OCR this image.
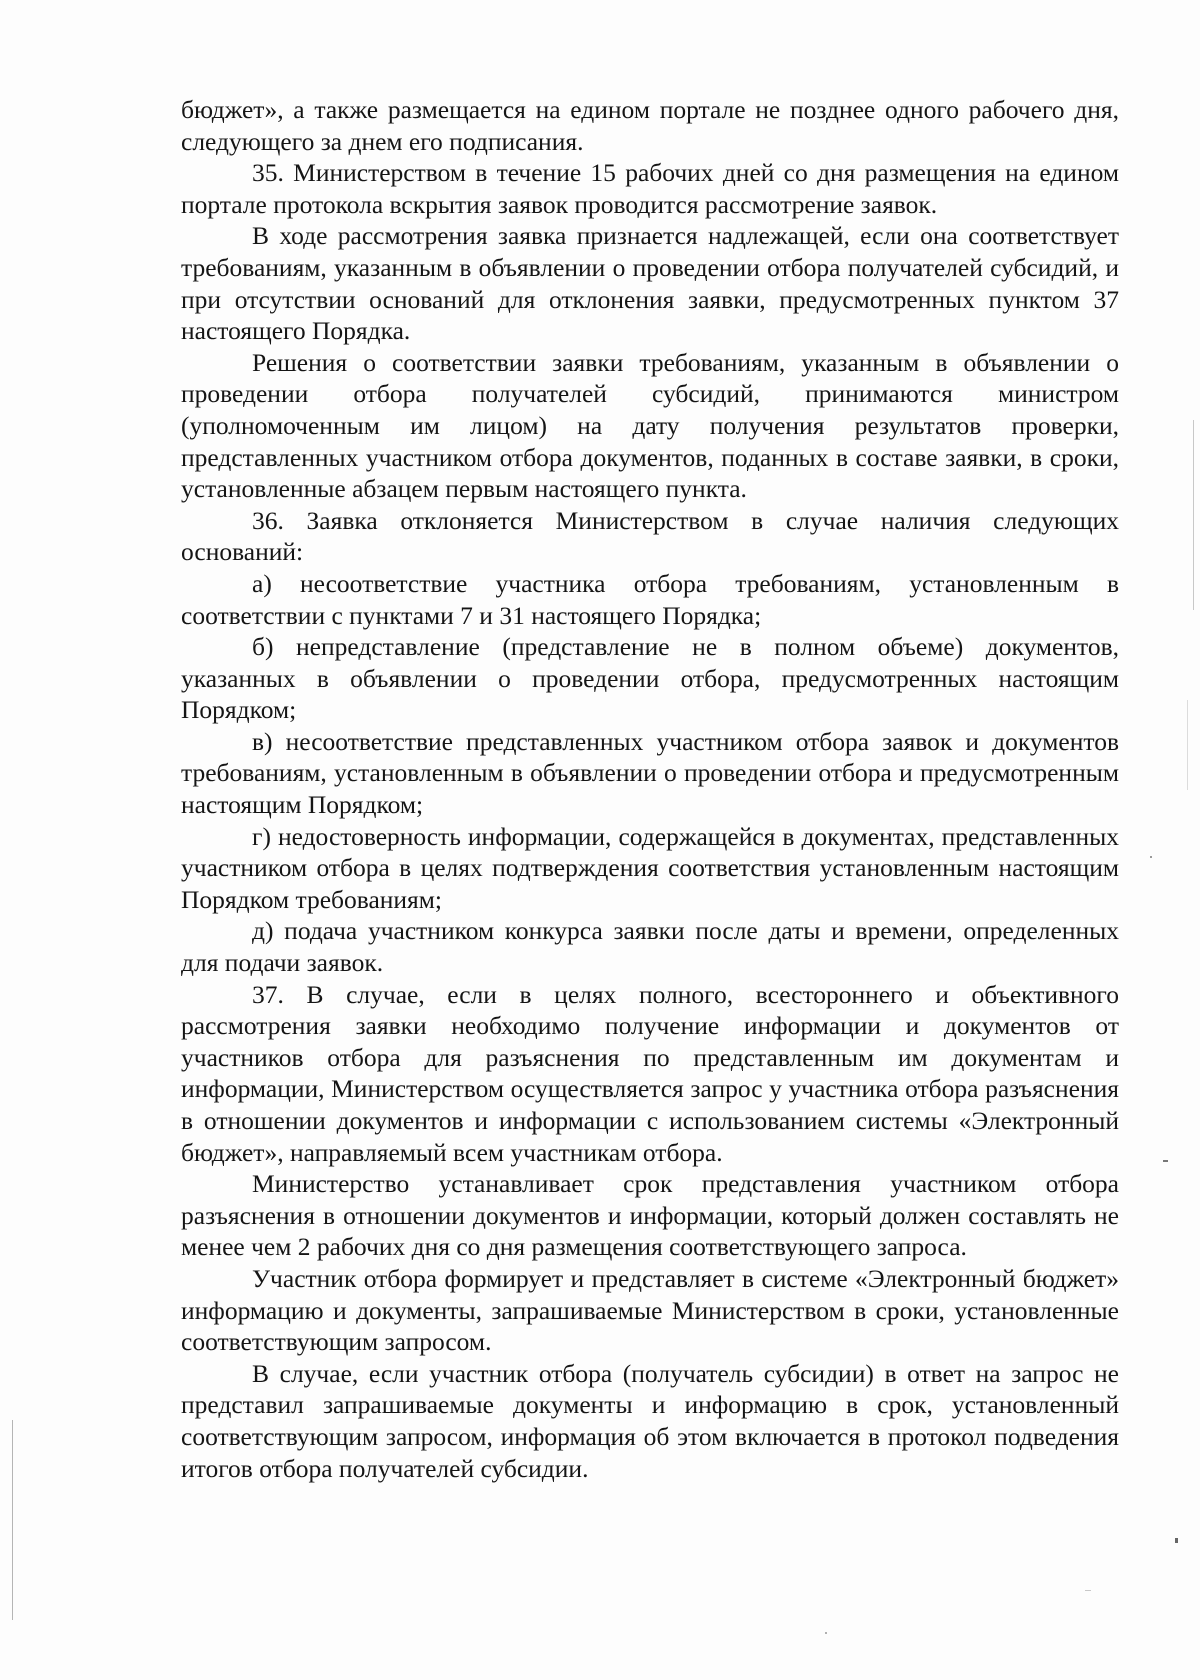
бюджет», а также размещается на едином портале не позднее одного рабочего дня, следующего за днем его подписания.

35. Министерством в течение 15 рабочих дней со дня размещения на едином портале протокола вскрытия заявок проводится рассмотрение заявок.

В ходе рассмотрения заявка признается надлежащей, если она соответствует требованиям, указанным в объявлении о проведении отбора получателей субсидий, и при отсутствии оснований для отклонения заявки, предусмотренных пунктом 37 настоящего Порядка.

Решения о соответствии заявки требованиям, указанным в объявлении о проведении отбора получателей субсидий, принимаются министром (уполномоченным им лицом) на дату получения результатов проверки, представленных участником отбора документов, поданных в составе заявки, в сроки, установленные абзацем первым настоящего пункта.

36. Заявка отклоняется Министерством в случае наличия следующих оснований:

а) несоответствие участника отбора требованиям, установленным в соответствии с пунктами 7 и 31 настоящего Порядка;

б) непредставление (представление не в полном объеме) документов, указанных в объявлении о проведении отбора, предусмотренных настоящим Порядком;

в) несоответствие представленных участником отбора заявок и документов требованиям, установленным в объявлении о проведении отбора и предусмотренным настоящим Порядком;

г) недостоверность информации, содержащейся в документах, представленных участником отбора в целях подтверждения соответствия установленным настоящим Порядком требованиям;

д) подача участником конкурса заявки после даты и времени, определенных для подачи заявок.

37. В случае, если в целях полного, всестороннего и объективного рассмотрения заявки необходимо получение информации и документов от участников отбора для разъяснения по представленным им документам и информации, Министерством осуществляется запрос у участника отбора разъяснения в отношении документов и информации с использованием системы «Электронный бюджет», направляемый всем участникам отбора.

Министерство устанавливает срок представления участником отбора разъяснения в отношении документов и информации, который должен составлять не менее чем 2 рабочих дня со дня размещения соответствующего запроса.

Участник отбора формирует и представляет в системе «Электронный бюджет» информацию и документы, запрашиваемые Министерством в сроки, установленные соответствующим запросом.

В случае, если участник отбора (получатель субсидии) в ответ на запрос не представил запрашиваемые документы и информацию в срок, установленный соответствующим запросом, информация об этом включается в протокол подведения итогов отбора получателей субсидии.
